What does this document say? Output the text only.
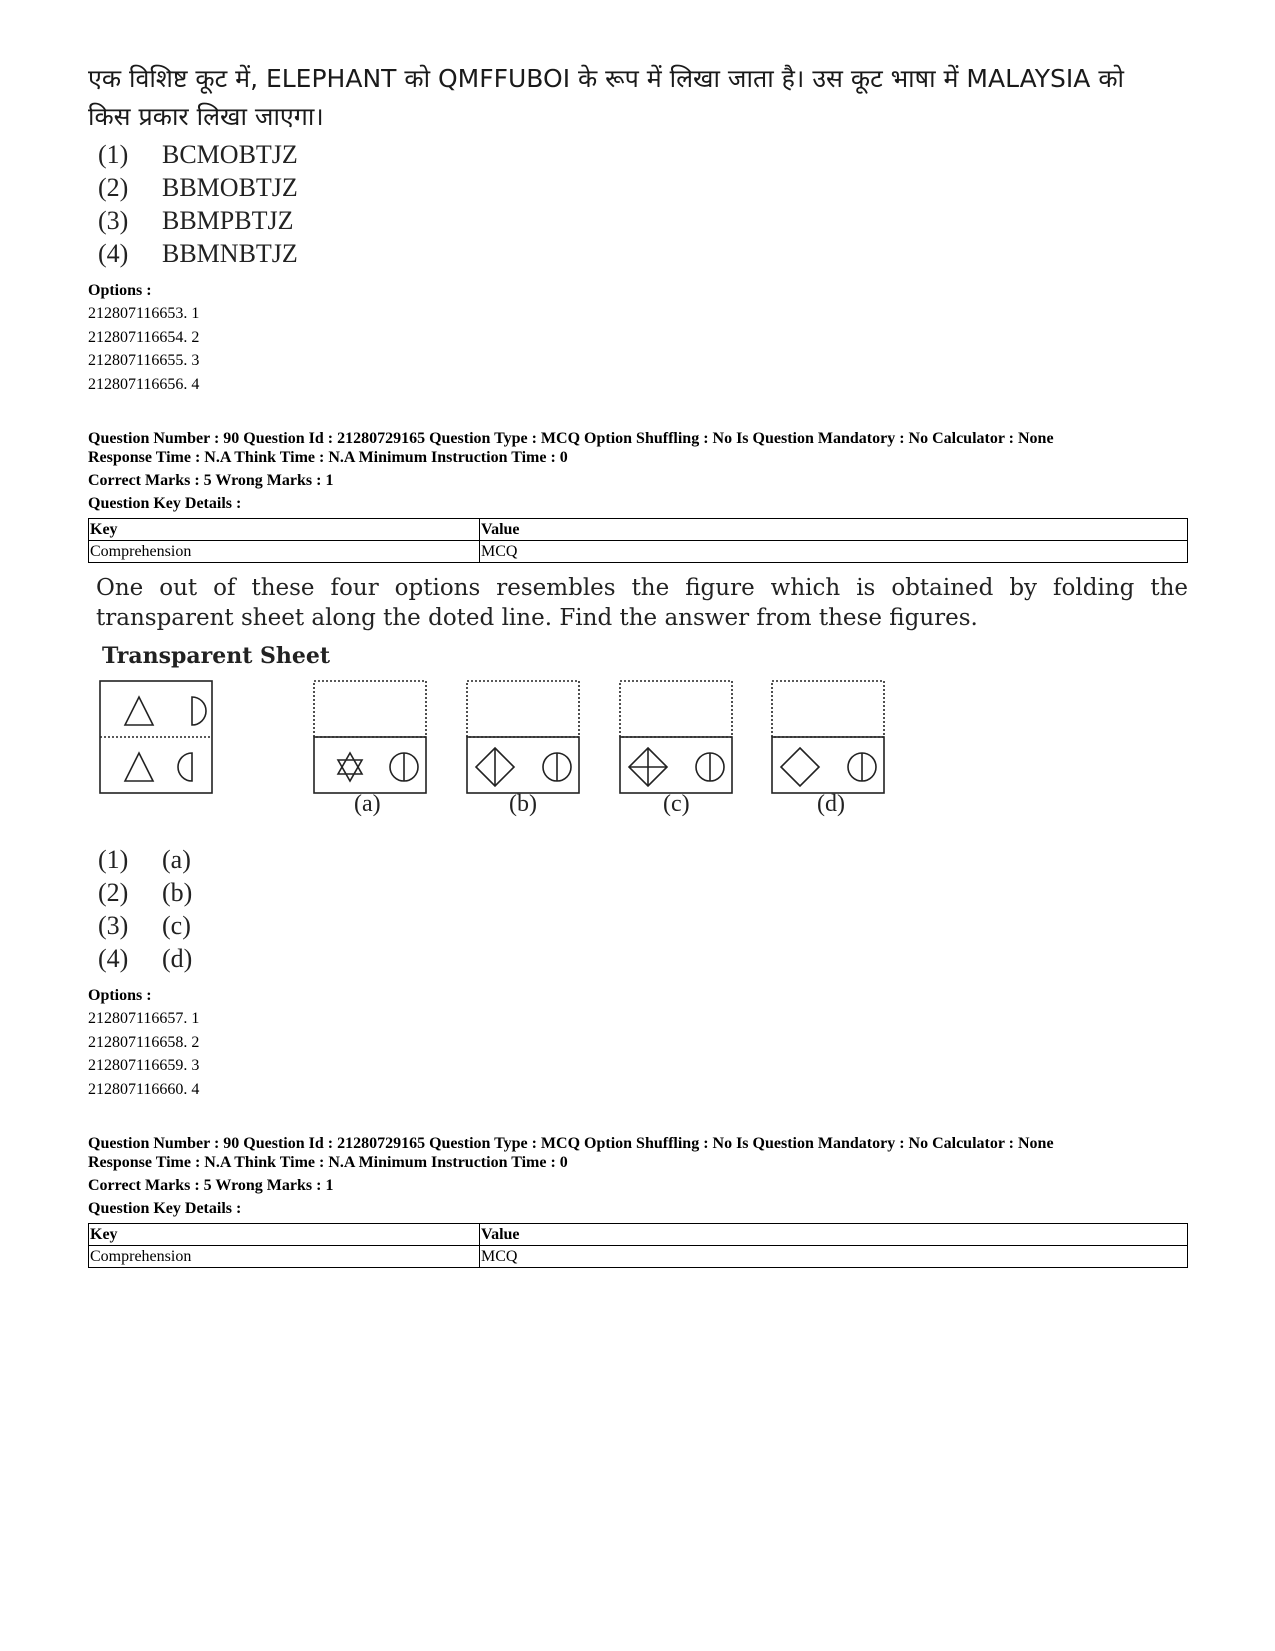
एक विशिष्ट कूट में, ELEPHANT को QMFFUBOI के रूप में लिखा जाता है। उस कूट भाषा में MALAYSIA को

किस प्रकार लिखा जाएगा।

(1)	BCMOBTJZ
(2)	BBMOBTJZ
(3)	BBMPBTJZ
(4)	BBMNBTJZ
Options :
212807116653. 1
212807116654. 2
212807116655. 3
212807116656. 4
Question Number : 90 Question Id : 21280729165 Question Type : MCQ Option Shuffling : No Is Question Mandatory : No Calculator : None
Response Time : N.A Think Time : N.A Minimum Instruction Time : 0
Correct Marks : 5 Wrong Marks : 1
Question Key Details :
Key	Value
Comprehension	MCQ
One out of these four options resembles the figure which is obtained by folding the transparent sheet along the doted line. Find the answer from these figures.
Transparent Sheet
(a)	(b)	(c)	(d)
(1)	(a)
(2)	(b)
(3)	(c)
(4)	(d)
Options :
212807116657. 1
212807116658. 2
212807116659. 3
212807116660. 4
Question Number : 90 Question Id : 21280729165 Question Type : MCQ Option Shuffling : No Is Question Mandatory : No Calculator : None
Response Time : N.A Think Time : N.A Minimum Instruction Time : 0
Correct Marks : 5 Wrong Marks : 1
Question Key Details :
Key	Value
Comprehension	MCQ
